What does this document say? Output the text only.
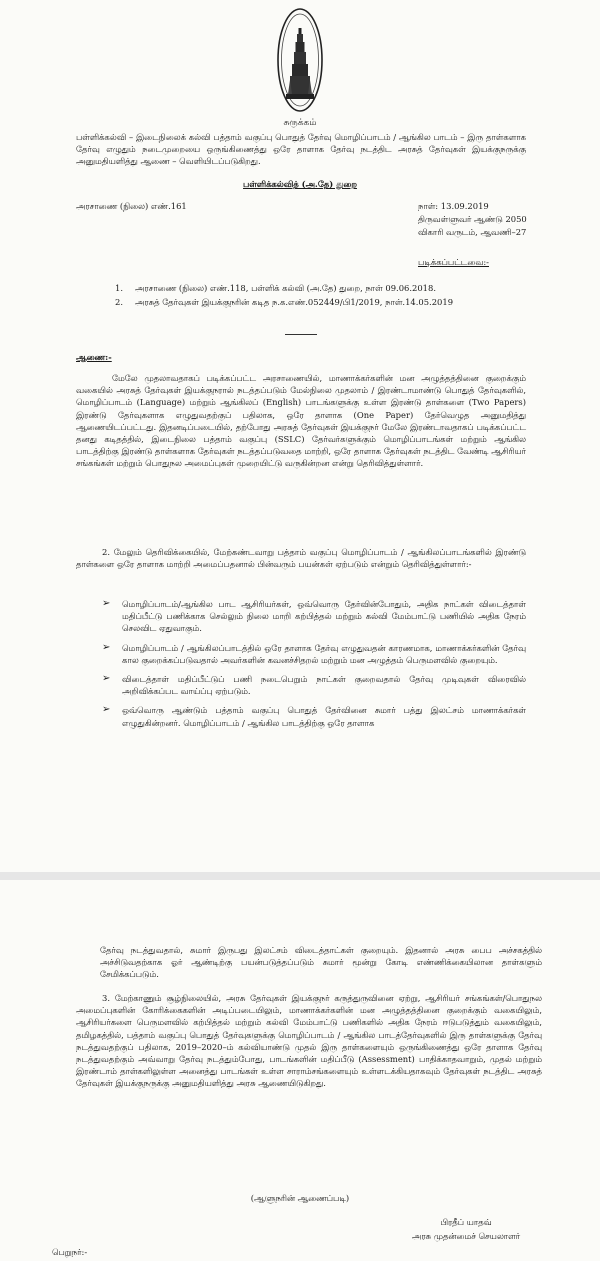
சுருக்கம்
பள்ளிக்கல்வி – இடைநிலைக் கல்வி பத்தாம் வகுப்பு பொதுத் தேர்வு மொழிப்பாடம் / ஆங்கில பாடம் – இரு தாள்களாக தேர்வு எழுதும் நடைமுறையை ஒருங்கிணைத்து ஒரே தாளாக தேர்வு நடத்திட அரசுத் தேர்வுகள் இயக்குநருக்கு அனுமதியளித்து ஆணை – வெளியிடப்படுகிறது.
பள்ளிக்கல்வித் (அ.தே) துறை
அரசாணை (நிலை) எண்.161	நாள்: 13.09.2019
திருவள்ளுவர் ஆண்டு 2050
விகாரி வருடம், ஆவணி–27
படிக்கப்பட்டவை:-
1. அரசாணை (நிலை) எண்.118, பள்ளிக் கல்வி (அ.தே) துறை, நாள் 09.06.2018.
2. அரசுத் தேர்வுகள் இயக்குநரின் கடித ந.க.எண்.052449/பி1/2019, நாள்.14.05.2019
ஆணை:-
மேலே முதலாவதாகப் படிக்கப்பட்ட அரசாணையில், மாணாக்கர்களின் மன அழுத்தத்தினை குறைக்கும் வகையில் அரசுத் தேர்வுகள் இயக்குநரால் நடத்தப்படும் மேல்நிலை முதலாம் / இரண்டாமாண்டு பொதுத் தேர்வுகளில், மொழிப்பாடம் (Language) மற்றும் ஆங்கிலப் (English) பாடங்களுக்கு உள்ள இரண்டு தாள்களை (Two Papers) இரண்டு தேர்வுகளாக எழுதுவதற்குப் பதிலாக, ஒரே தாளாக (One Paper) தேர்வெழுத அனுமதித்து ஆணையிடப்பட்டது. இதனடிப்படையில், தற்போது அரசுத் தேர்வுகள் இயக்குநர் மேலே இரண்டாவதாகப் படிக்கப்பட்ட தனது கடிதத்தில், இடைநிலை பத்தாம் வகுப்பு (SSLC) தேர்வர்களுக்கும் மொழிப்பாடங்கள் மற்றும் ஆங்கில பாடத்திற்கு இரண்டு தாள்களாக தேர்வுகள் நடத்தப்படுவதை மாற்றி, ஒரே தாளாக தேர்வுகள் நடத்திட வேண்டி ஆசிரியர் சங்கங்கள் மற்றும் பொதுநல அமைப்புகள் முறையிட்டு வருகின்றன என்று தெரிவித்துள்ளார்.
2. மேலும் தெரிவிக்கையில், மேற்கண்டவாறு பத்தாம் வகுப்பு மொழிப்பாடம் / ஆங்கிலப்பாடங்களில் இரண்டு தாள்களை ஒரே தாளாக மாற்றி அமைப்பதனால் பின்வரும் பயன்கள் ஏற்படும் என்றும் தெரிவித்துள்ளார்:-
➢ மொழிப்பாடம்/ஆங்கில பாட ஆசிரியர்கள், ஒவ்வொரு தேர்வின்போதும், அதிக நாட்கள் விடைத்தாள் மதிப்பீட்டு பணிக்காக செல்லும் நிலை மாறி கற்பித்தல் மற்றும் கல்வி மேம்பாட்டு பணியில் அதிக நேரம் செலவிட ஏதுவாகும்.
➢ மொழிப்பாடம் / ஆங்கிலப்பாடத்தில் ஒரே தாளாக தேர்வு எழுதுவதன் காரணமாக, மாணாக்கர்களின் தேர்வு கால குறைக்கப்படுவதால் அவர்களின் கவனச்சிதறல் மற்றும் மன அழுத்தம் பெருமளவில் குறையும்.
➢ விடைத்தாள் மதிப்பீட்டுப் பணி நடைபெறும் நாட்கள் குறைவதால் தேர்வு முடிவுகள் விரைவில் அறிவிக்கப்பட வாய்ப்பு ஏற்படும்.
➢ ஒவ்வொரு ஆண்டும் பத்தாம் வகுப்பு பொதுத் தேர்வினை சுமார் பத்து இலட்சம் மாணாக்கர்கள் எழுதுகின்றனர். மொழிப்பாடம் / ஆங்கில பாடத்திற்கு ஒரே தாளாக
தேர்வு நடத்துவதால், சுமார் இருபது இலட்சம் விடைத்தாட்கள் குறையும். இதனால் அரசு பைப அச்சகத்தில் அச்சிடுவதற்காக ஓர் ஆண்டிற்கு பயன்படுத்தப்படும் சுமார் மூன்று கோடி எண்ணிக்கையிலான தாள்களும் சேமிக்கப்படும்.
3. மேற்காணும் சூழ்நிலையில், அரசு தேர்வுகள் இயக்குநர் கருத்துருவினை ஏற்று, ஆசிரியர் சங்கங்கள்/பொதுநல அமைப்புகளின் கோரிக்கைகளின் அடிப்படையிலும், மாணாக்கர்களின் மன அழுத்தத்தினை குறைக்கும் வகையிலும், ஆசிரியர்களை பெருமளவில் கற்பித்தல் மற்றும் கல்வி மேம்பாட்டு பணிகளில் அதிக நேரம் ஈடுபடுத்தும் வகையிலும், தமிழகத்தில், பத்தாம் வகுப்பு பொதுத் தேர்வுகளுக்கு மொழிப்பாடம் / ஆங்கில பாடத்தேர்வுகளில் இரு தாள்களுக்கு தேர்வு நடத்துவதற்குப் பதிலாக, 2019–2020–ம் கல்வியாண்டு முதல் இரு தாள்களையும் ஒருங்கிணைத்து ஒரே தாளாக தேர்வு நடத்துவதற்கும் அவ்வாறு தேர்வு நடத்தும்போது, பாடங்களின் மதிப்பீடு (Assessment) பாதிக்காதவாறும், முதல் மற்றும் இரண்டாம் தாள்களிலுள்ள அனைத்து பாடங்கள் உள்ள சாராம்சங்களையும் உள்ளடக்கியதாகவும் தேர்வுகள் நடத்திட அரசுத் தேர்வுகள் இயக்குநருக்கு அனுமதியளித்து அரசு ஆணையிடுகிறது.
(ஆளுநரின் ஆணைப்படி)
பிரதீப் யாதவ்
அரசு முதன்மைச் செயலாளர்
பெறுநர்:-
